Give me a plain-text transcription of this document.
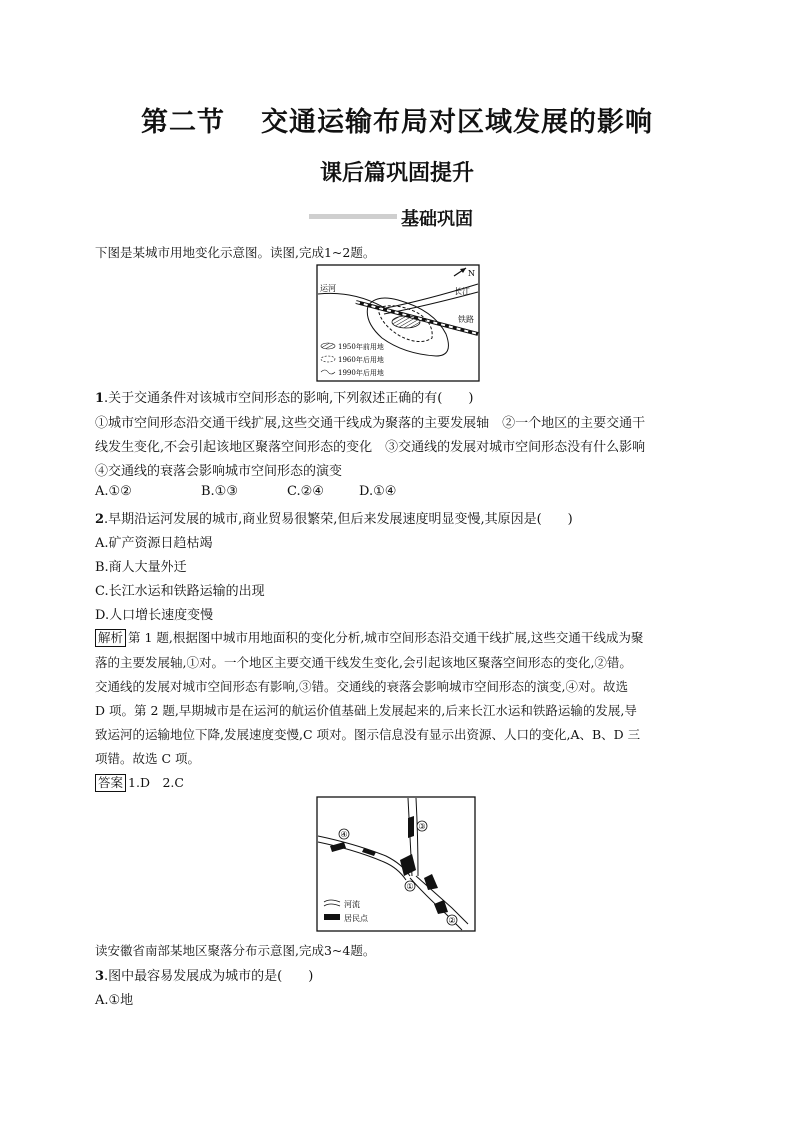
第二节 交通运输布局对区域发展的影响
课后篇巩固提升
基础巩固
下图是某城市用地变化示意图。读图,完成1~2题。
N
长江
运河
铁路
1950年前用地
1960年后用地
1990年后用地
1.关于交通条件对该城市空间形态的影响,下列叙述正确的有(　　)
①城市空间形态沿交通干线扩展,这些交通干线成为聚落的主要发展轴　②一个地区的主要交通干
线发生变化,不会引起该地区聚落空间形态的变化　③交通线的发展对城市空间形态没有什么影响
④交通线的衰落会影响城市空间形态的演变
A.①②	B.①③	C.②④	D.①④
2.早期沿运河发展的城市,商业贸易很繁荣,但后来发展速度明显变慢,其原因是(　　)
A.矿产资源日趋枯竭
B.商人大量外迁
C.长江水运和铁路运输的出现
D.人口增长速度变慢
解析 第 1 题,根据图中城市用地面积的变化分析,城市空间形态沿交通干线扩展,这些交通干线成为聚
落的主要发展轴,①对。一个地区主要交通干线发生变化,会引起该地区聚落空间形态的变化,②错。
交通线的发展对城市空间形态有影响,③错。交通线的衰落会影响城市空间形态的演变,④对。故选
D 项。第 2 题,早期城市是在运河的航运价值基础上发展起来的,后来长江水运和铁路运输的发展,导
致运河的运输地位下降,发展速度变慢,C 项对。图示信息没有显示出资源、人口的变化,A、B、D 三
项错。故选 C 项。
答案 1.D　2.C
④
③
①
②
河流
居民点
读安徽省南部某地区聚落分布示意图,完成3~4题。
3.图中最容易发展成为城市的是(　　)
A.①地
